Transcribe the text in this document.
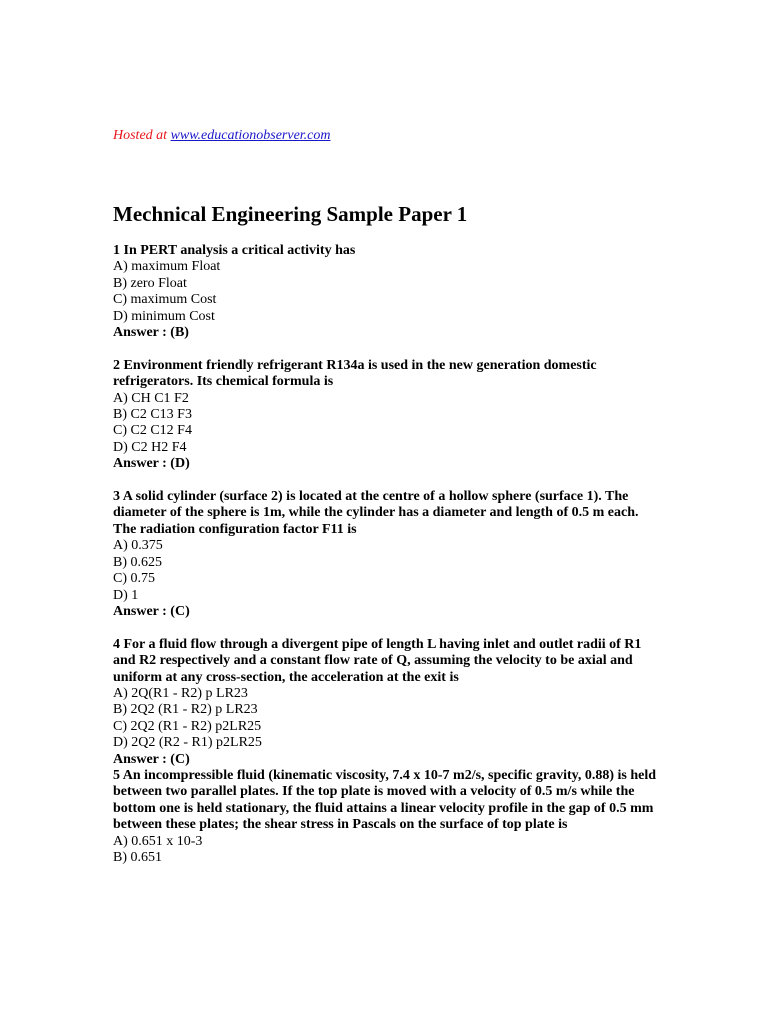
Hosted at www.educationobserver.com
Mechnical Engineering Sample Paper 1
1 In PERT analysis a critical activity has
A) maximum Float
B) zero Float
C) maximum Cost
D) minimum Cost
Answer : (B)
2 Environment friendly refrigerant R134a is used in the new generation domestic refrigerators. Its chemical formula is
A) CH C1 F2
B) C2 C13 F3
C) C2 C12 F4
D) C2 H2 F4
Answer : (D)
3 A solid cylinder (surface 2) is located at the centre of a hollow sphere (surface 1). The diameter of the sphere is 1m, while the cylinder has a diameter and length of 0.5 m each. The radiation configuration factor F11 is
A) 0.375
B) 0.625
C) 0.75
D) 1
Answer : (C)
4 For a fluid flow through a divergent pipe of length L having inlet and outlet radii of R1 and R2 respectively and a constant flow rate of Q, assuming the velocity to be axial and uniform at any cross-section, the acceleration at the exit is
A) 2Q(R1 - R2) p LR23
B) 2Q2 (R1 - R2) p LR23
C) 2Q2 (R1 - R2) p2LR25
D) 2Q2 (R2 - R1) p2LR25
Answer : (C)
5 An incompressible fluid (kinematic viscosity, 7.4 x 10-7 m2/s, specific gravity, 0.88) is held between two parallel plates. If the top plate is moved with a velocity of 0.5 m/s while the bottom one is held stationary, the fluid attains a linear velocity profile in the gap of 0.5 mm between these plates; the shear stress in Pascals on the surface of top plate is
A) 0.651 x 10-3
B) 0.651
